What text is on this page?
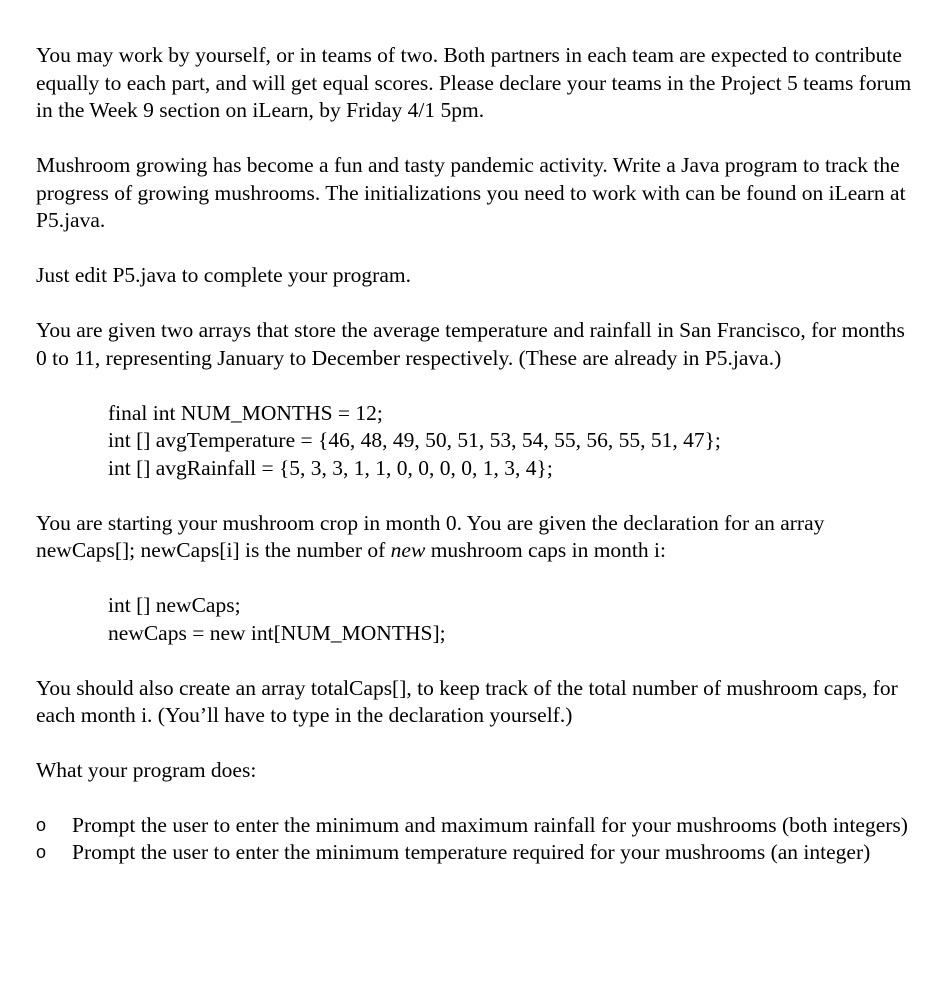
You may work by yourself, or in teams of two. Both partners in each team are expected to contribute equally to each part, and will get equal scores. Please declare your teams in the Project 5 teams forum in the Week 9 section on iLearn, by Friday 4/1 5pm.

Mushroom growing has become a fun and tasty pandemic activity. Write a Java program to track the progress of growing mushrooms. The initializations you need to work with can be found on iLearn at P5.java.

Just edit P5.java to complete your program.

You are given two arrays that store the average temperature and rainfall in San Francisco, for months 0 to 11, representing January to December respectively. (These are already in P5.java.)

final int NUM_MONTHS = 12;
int [] avgTemperature = {46, 48, 49, 50, 51, 53, 54, 55, 56, 55, 51, 47};
int [] avgRainfall = {5, 3, 3, 1, 1, 0, 0, 0, 0, 1, 3, 4};

You are starting your mushroom crop in month 0. You are given the declaration for an array newCaps[]; newCaps[i] is the number of new mushroom caps in month i:

int [] newCaps;
newCaps = new int[NUM_MONTHS];

You should also create an array totalCaps[], to keep track of the total number of mushroom caps, for each month i. (You’ll have to type in the declaration yourself.)

What your program does:

o Prompt the user to enter the minimum and maximum rainfall for your mushrooms (both integers)
o Prompt the user to enter the minimum temperature required for your mushrooms (an integer)
